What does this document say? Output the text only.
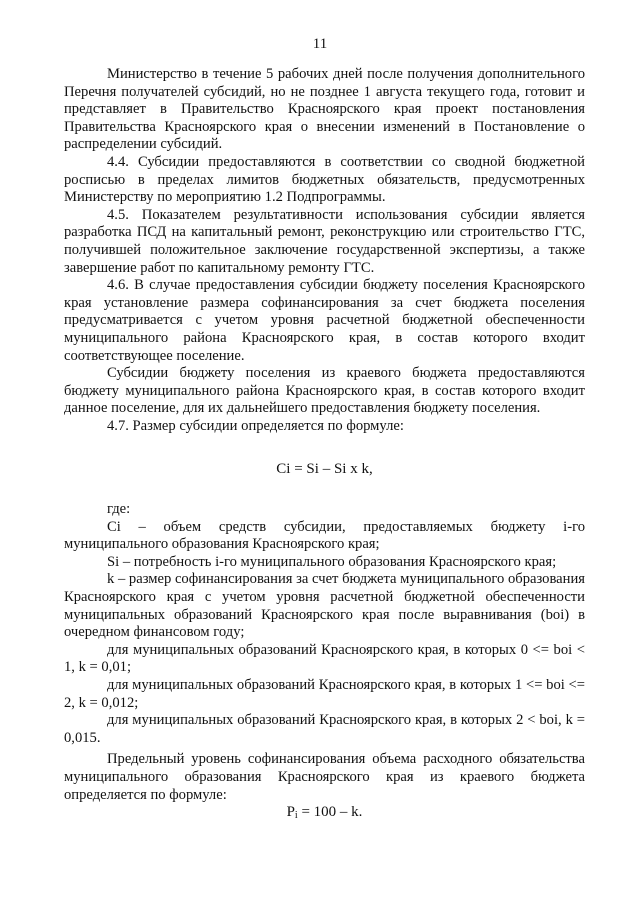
11

Министерство в течение 5 рабочих дней после получения дополнительного Перечня получателей субсидий, но не позднее 1 августа текущего года, готовит и представляет в Правительство Красноярского края проект постановления Правительства Красноярского края о внесении изменений в Постановление о распределении субсидий.

4.4. Субсидии предоставляются в соответствии со сводной бюджетной росписью в пределах лимитов бюджетных обязательств, предусмотренных Министерству по мероприятию 1.2 Подпрограммы.

4.5. Показателем результативности использования субсидии является разработка ПСД на капитальный ремонт, реконструкцию или строительство ГТС, получившей положительное заключение государственной экспертизы, а также завершение работ по капитальному ремонту ГТС.

4.6. В случае предоставления субсидии бюджету поселения Красноярского края установление размера софинансирования за счет бюджета поселения предусматривается с учетом уровня расчетной бюджетной обеспеченности муниципального района Красноярского края, в состав которого входит соответствующее поселение.

Субсидии бюджету поселения из краевого бюджета предоставляются бюджету муниципального района Красноярского края, в состав которого входит данное поселение, для их дальнейшего предоставления бюджету поселения.

4.7. Размер субсидии определяется по формуле:

Ci = Si – Si x k,

где:

Ci – объем средств субсидии, предоставляемых бюджету i-го муниципального образования Красноярского края;

Si – потребность i-го муниципального образования Красноярского края;

k – размер софинансирования за счет бюджета муниципального образования Красноярского края с учетом уровня расчетной бюджетной обеспеченности муниципальных образований Красноярского края после выравнивания (boi) в очередном финансовом году;

для муниципальных образований Красноярского края, в которых 0 <= boi < 1, k = 0,01;

для муниципальных образований Красноярского края, в которых 1 <= boi <= 2, k = 0,012;

для муниципальных образований Красноярского края, в которых 2 < boi, k = 0,015.

Предельный уровень софинансирования объема расходного обязательства муниципального образования Красноярского края из краевого бюджета определяется по формуле:

$P_i = 100 - k$.
